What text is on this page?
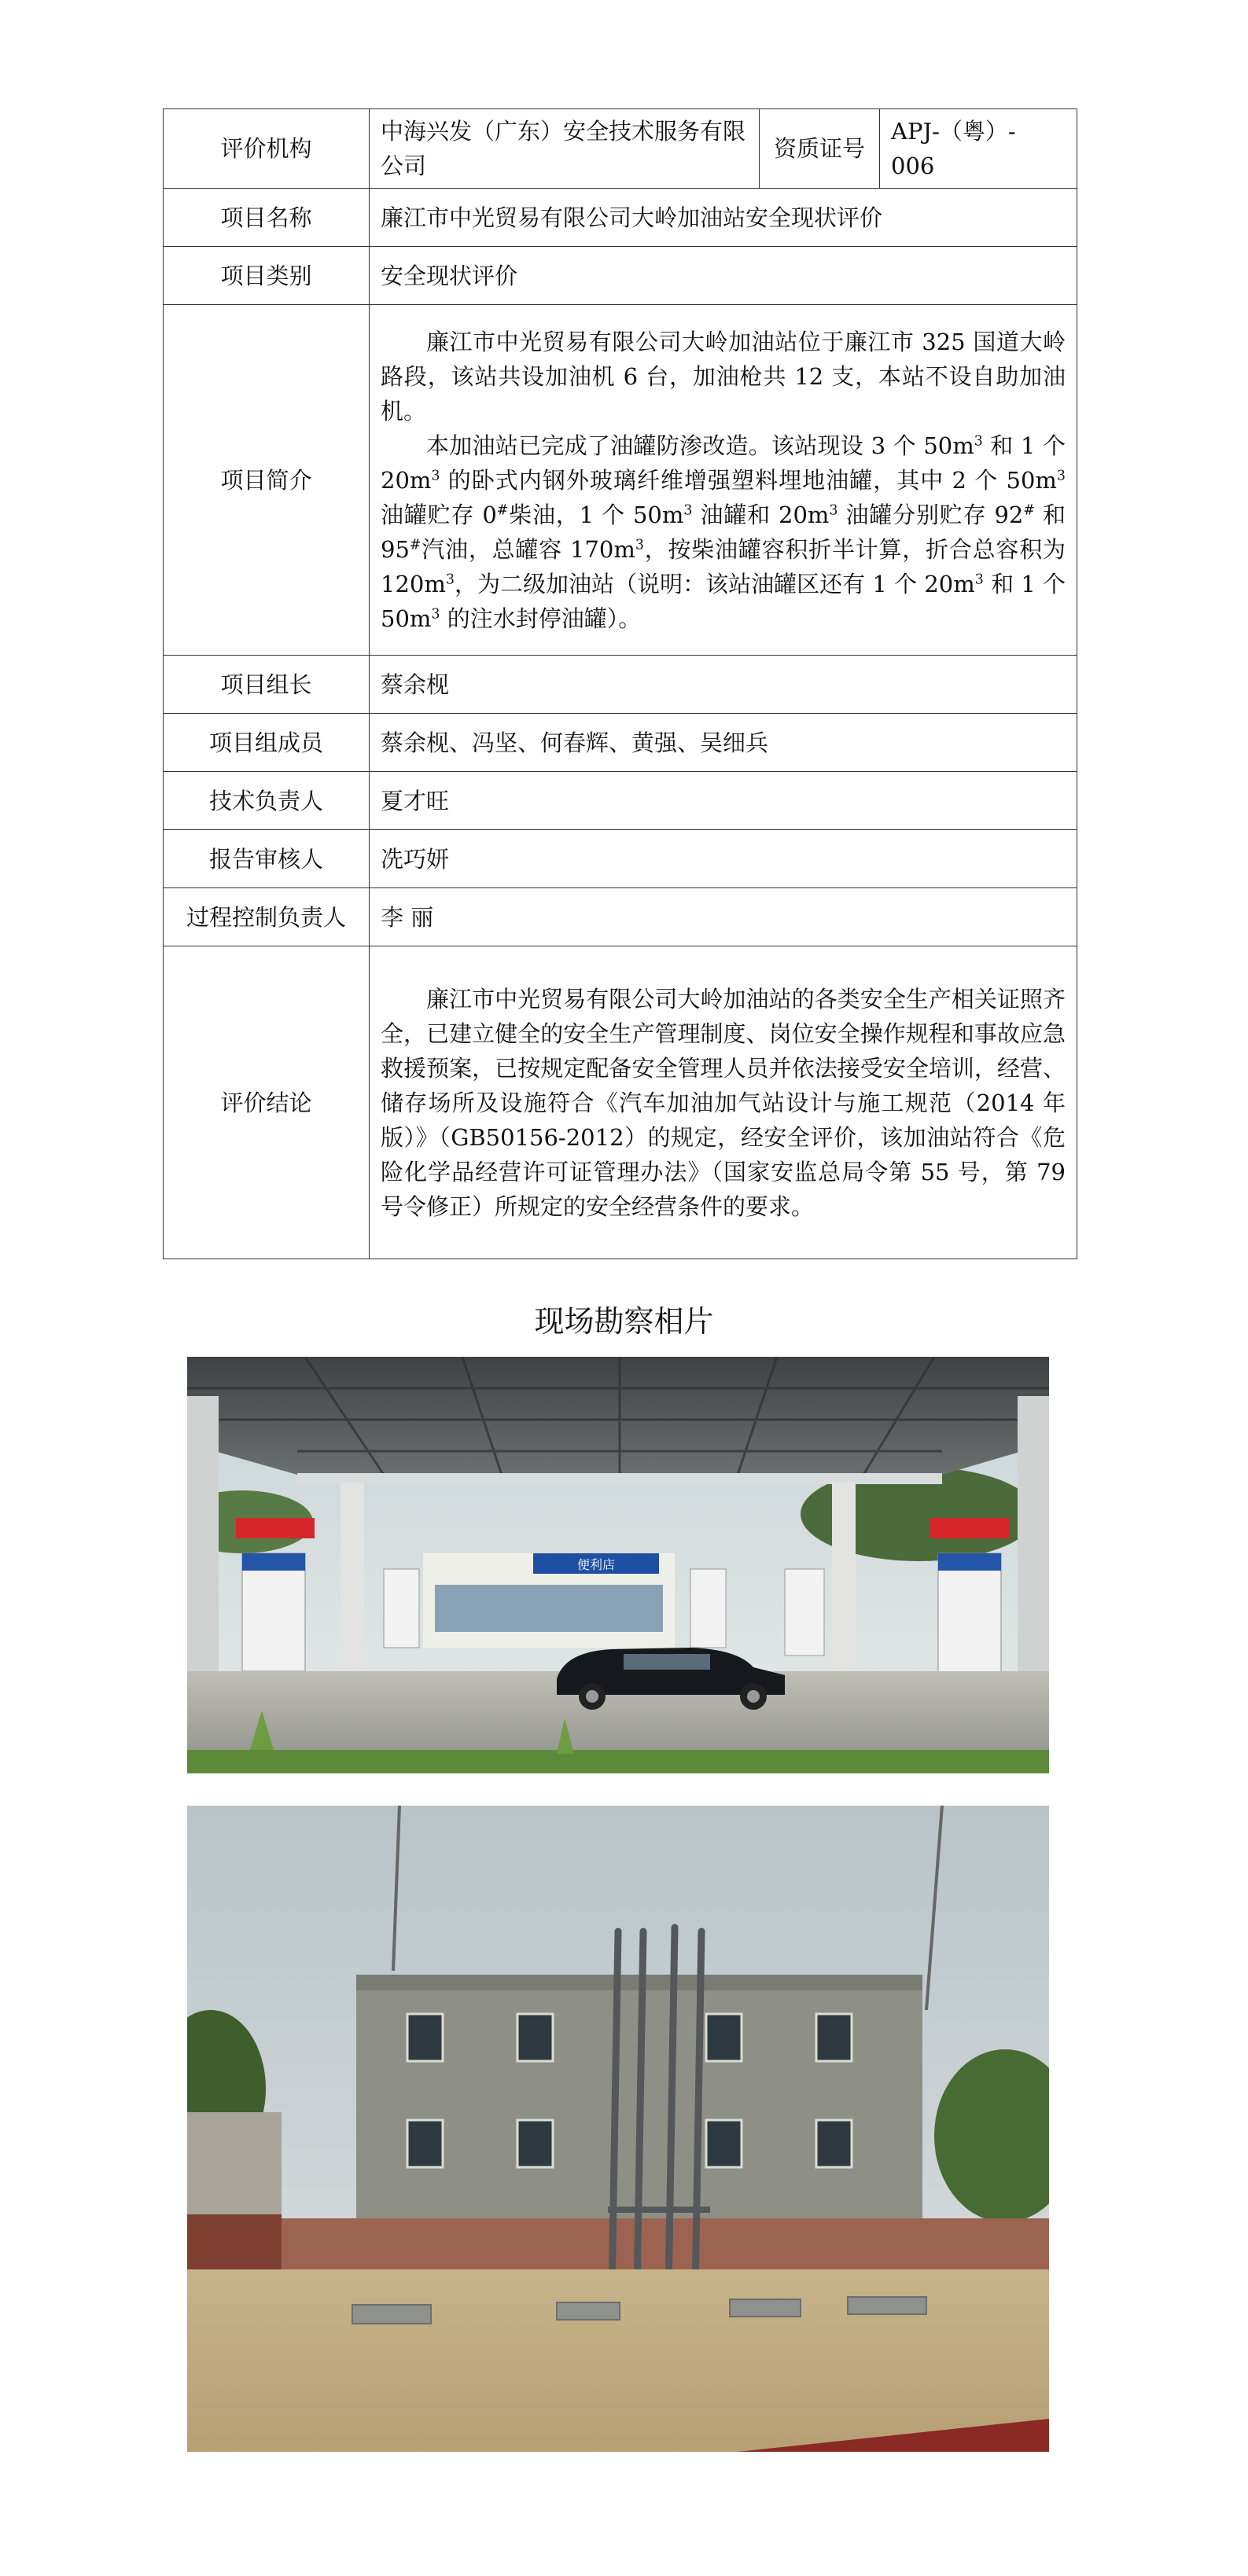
评价机构	中海兴发（广东）安全技术服务有限公司	资质证号	APJ-（粤）- 006
项目名称	廉江市中光贸易有限公司大岭加油站安全现状评价		
项目类别	安全现状评价		
项目简介	廉江市中光贸易有限公司大岭加油站位于廉江市 325 国道大岭路段，该站共设加油机 6 台，加油枪共 12 支，本站不设自助加油机。

本加油站已完成了油罐防渗改造。该站现设 3 个 $50m^3$ 和 1 个 $20m^3$ 的卧式内钢外玻璃纤维增强塑料埋地油罐，其中 2 个 $50m^3$ 油罐贮存 0#柴油，1 个 $50m^3$ 油罐和 $20m^3$ 油罐分别贮存 92# 和 95#汽油，总罐容 $170m^3$，按柴油罐容积折半计算，折合总容积为 $120m^3$，为二级加油站（说明：该站油罐区还有 1 个 $20m^3$ 和 1 个 $50m^3$ 的注水封停油罐）。		

项目组长	蔡余枧		
项目组成员	蔡余枧、冯坚、何春辉、黄强、吴细兵		
技术负责人	夏才旺		
报告审核人	冼巧妍		
过程控制负责人	李 丽		
评价结论	廉江市中光贸易有限公司大岭加油站的各类安全生产相关证照齐全，已建立健全的安全生产管理制度、岗位安全操作规程和事故应急救援预案，已按规定配备安全管理人员并依法接受安全培训，经营、储存场所及设施符合《汽车加油加气站设计与施工规范（2014 年版）》（GB50156-2012）的规定，经安全评价，该加油站符合《危险化学品经营许可证管理办法》（国家安监总局令第 55 号，第 79 号令修正）所规定的安全经营条件的要求。		

现场勘察相片
便利店
